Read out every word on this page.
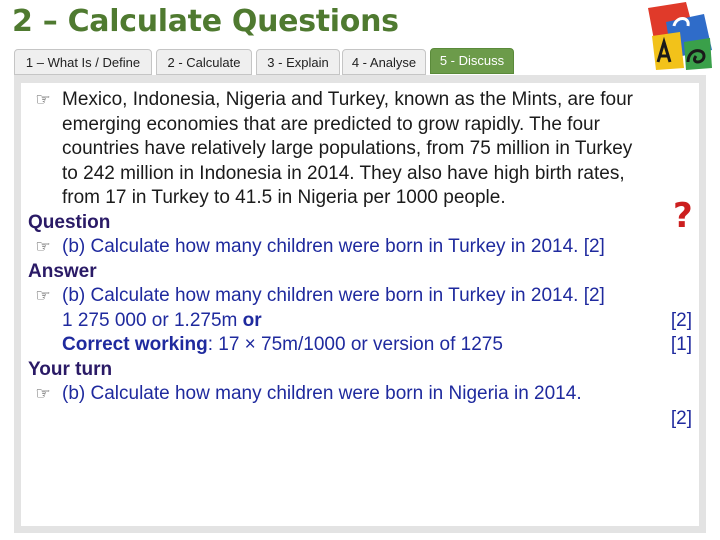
2 – Calculate Questions
1 – What Is / Define	2 - Calculate	3 - Explain	4 - Analyse	5 - Discuss
☞ Mexico, Indonesia, Nigeria and Turkey, known as the Mints, are four emerging economies that are predicted to grow rapidly. The four countries have relatively large populations, from 75 million in Turkey to 242 million in Indonesia in 2014. They also have high birth rates, from 17 in Turkey to 41.5 in Nigeria per 1000 people.
Question
☞ (b) Calculate how many children were born in Turkey in 2014. [2]
Answer
☞ (b) Calculate how many children were born in Turkey in 2014. [2]
1 275 000 or 1.275m or	[2]
Correct working: 17 × 75m/1000 or version of 1275	[1]
Your turn
☞ (b) Calculate how many children were born in Nigeria in 2014.
[2]
?
